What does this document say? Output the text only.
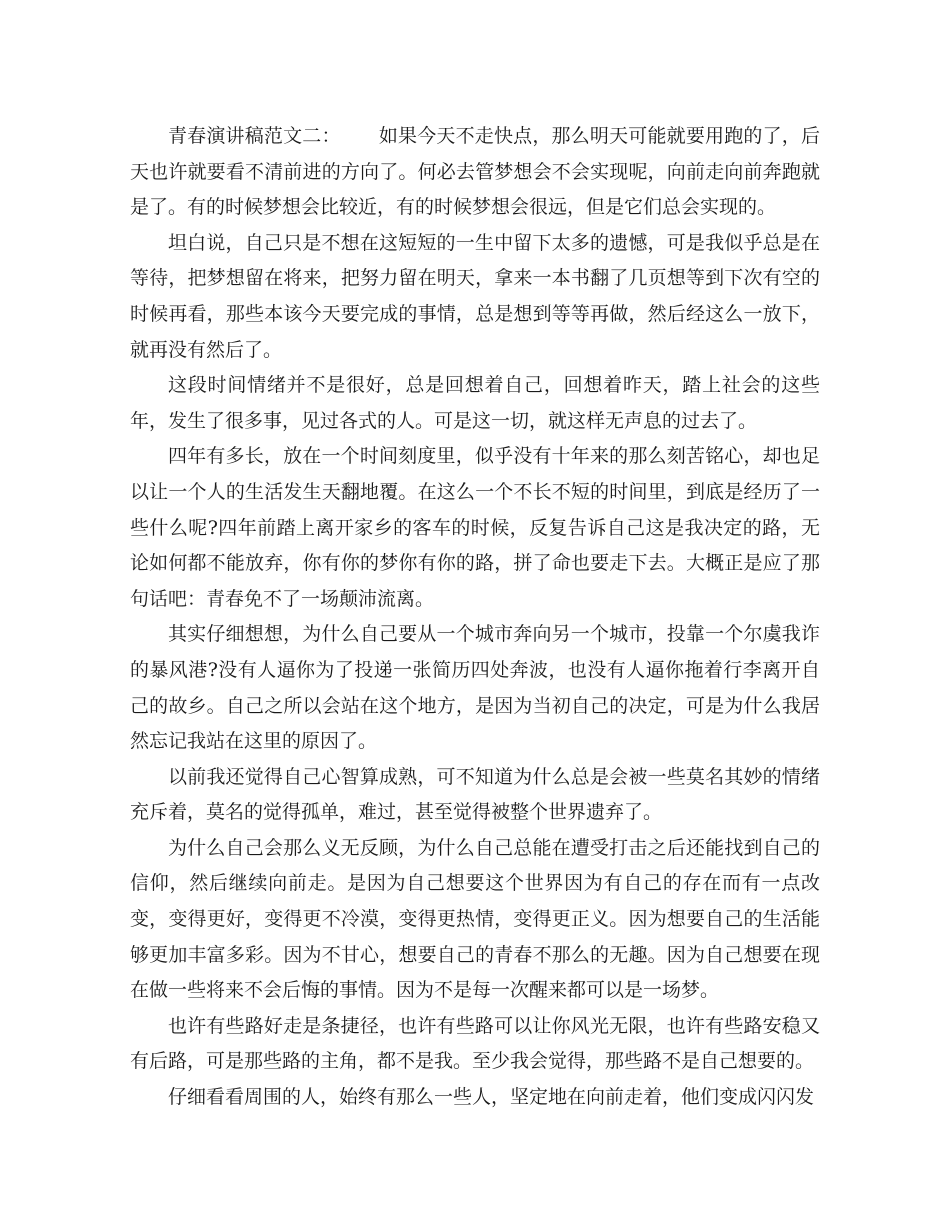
青春演讲稿范文二： 如果今天不走快点，那么明天可能就要用跑的了，后天也许就要看不清前进的方向了。何必去管梦想会不会实现呢，向前走向前奔跑就是了。有的时候梦想会比较近，有的时候梦想会很远，但是它们总会实现的。

坦白说，自己只是不想在这短短的一生中留下太多的遗憾，可是我似乎总是在等待，把梦想留在将来，把努力留在明天，拿来一本书翻了几页想等到下次有空的时候再看，那些本该今天要完成的事情，总是想到等等再做，然后经这么一放下，就再没有然后了。

这段时间情绪并不是很好，总是回想着自己，回想着昨天，踏上社会的这些年，发生了很多事，见过各式的人。可是这一切，就这样无声息的过去了。

四年有多长，放在一个时间刻度里，似乎没有十年来的那么刻苦铭心，却也足以让一个人的生活发生天翻地覆。在这么一个不长不短的时间里，到底是经历了一些什么呢?四年前踏上离开家乡的客车的时候，反复告诉自己这是我决定的路，无论如何都不能放弃，你有你的梦你有你的路，拼了命也要走下去。大概正是应了那句话吧：青春免不了一场颠沛流离。

其实仔细想想，为什么自己要从一个城市奔向另一个城市，投靠一个尔虞我诈的暴风港?没有人逼你为了投递一张简历四处奔波，也没有人逼你拖着行李离开自己的故乡。自己之所以会站在这个地方，是因为当初自己的决定，可是为什么我居然忘记我站在这里的原因了。

以前我还觉得自己心智算成熟，可不知道为什么总是会被一些莫名其妙的情绪充斥着，莫名的觉得孤单，难过，甚至觉得被整个世界遗弃了。

为什么自己会那么义无反顾，为什么自己总能在遭受打击之后还能找到自己的信仰，然后继续向前走。是因为自己想要这个世界因为有自己的存在而有一点改变，变得更好，变得更不冷漠，变得更热情，变得更正义。因为想要自己的生活能够更加丰富多彩。因为不甘心，想要自己的青春不那么的无趣。因为自己想要在现在做一些将来不会后悔的事情。因为不是每一次醒来都可以是一场梦。

也许有些路好走是条捷径，也许有些路可以让你风光无限，也许有些路安稳又有后路，可是那些路的主角，都不是我。至少我会觉得，那些路不是自己想要的。

仔细看看周围的人，始终有那么一些人，坚定地在向前走着，他们变成闪闪发
